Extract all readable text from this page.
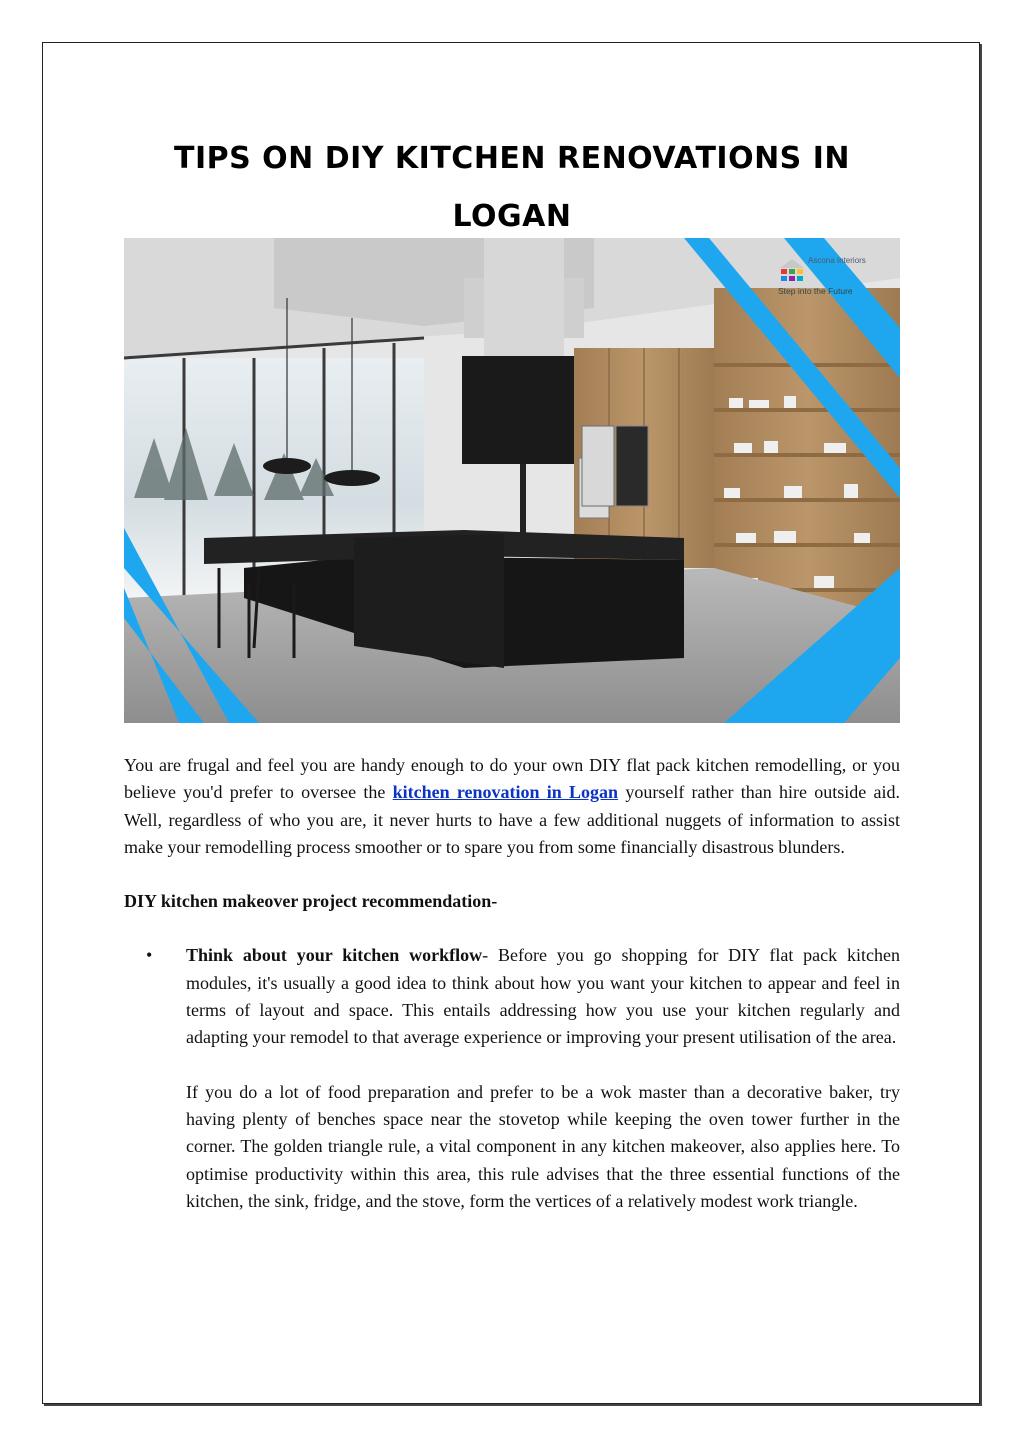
TIPS ON DIY KITCHEN RENOVATIONS IN LOGAN
Ascona Interiors
Step into the Future

You are frugal and feel you are handy enough to do your own DIY flat pack kitchen remodelling, or you believe you'd prefer to oversee the kitchen renovation in Logan yourself rather than hire outside aid. Well, regardless of who you are, it never hurts to have a few additional nuggets of information to assist make your remodelling process smoother or to spare you from some financially disastrous blunders.

DIY kitchen makeover project recommendation-

• Think about your kitchen workflow- Before you go shopping for DIY flat pack kitchen modules, it's usually a good idea to think about how you want your kitchen to appear and feel in terms of layout and space. This entails addressing how you use your kitchen regularly and adapting your remodel to that average experience or improving your present utilisation of the area.

If you do a lot of food preparation and prefer to be a wok master than a decorative baker, try having plenty of benches space near the stovetop while keeping the oven tower further in the corner. The golden triangle rule, a vital component in any kitchen makeover, also applies here. To optimise productivity within this area, this rule advises that the three essential functions of the kitchen, the sink, fridge, and the stove, form the vertices of a relatively modest work triangle.
